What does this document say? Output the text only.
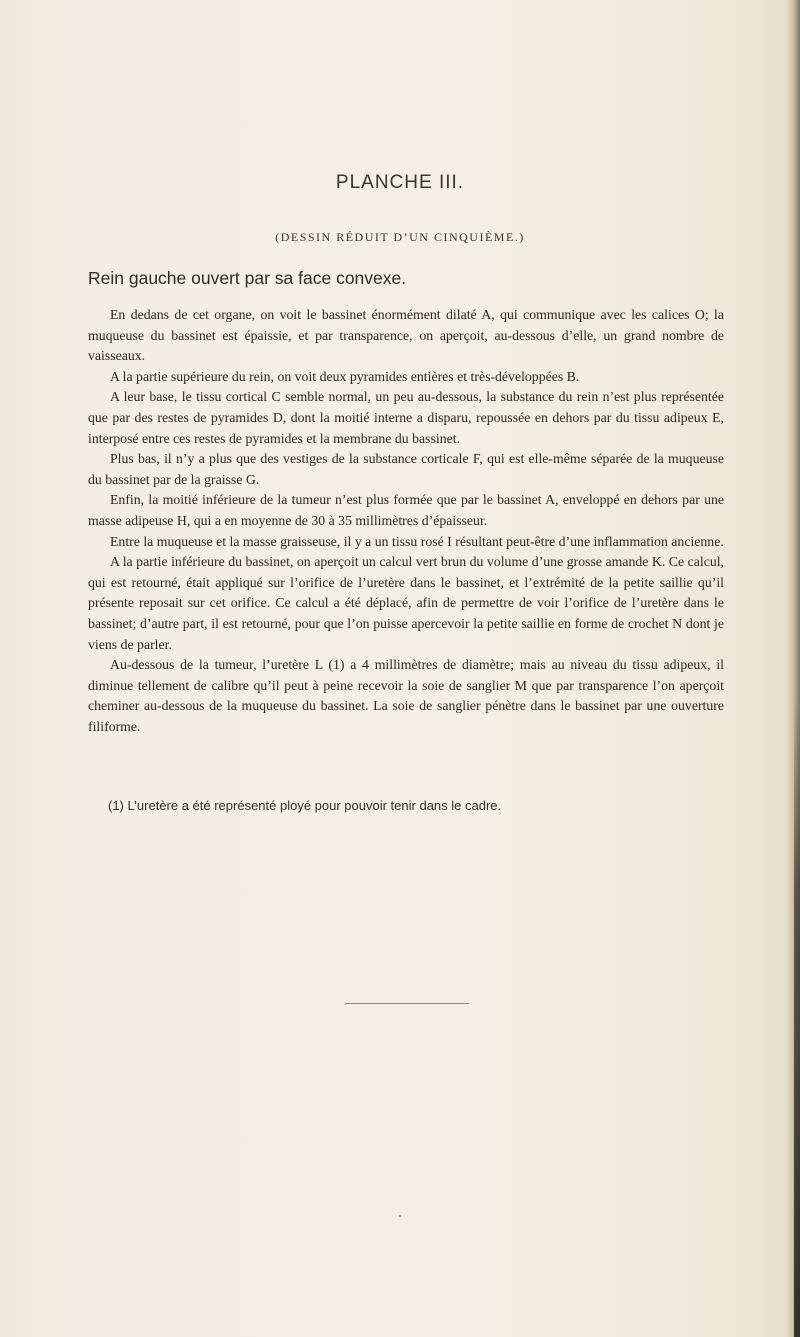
PLANCHE III.
(DESSIN RÉDUIT D’UN CINQUIÈME.)
Rein gauche ouvert par sa face convexe.

En dedans de cet organe, on voit le bassinet énormément dilaté A, qui communique avec les calices O; la muqueuse du bassinet est épaissie, et par transparence, on aperçoit, au-dessous d’elle, un grand nombre de vaisseaux.

A la partie supérieure du rein, on voit deux pyramides entières et très-développées B.

A leur base, le tissu cortical C semble normal, un peu au-dessous, la substance du rein n’est plus représentée que par des restes de pyramides D, dont la moitié interne a disparu, repoussée en dehors par du tissu adipeux E, interposé entre ces restes de pyramides et la membrane du bassinet.

Plus bas, il n’y a plus que des vestiges de la substance corticale F, qui est elle-même séparée de la muqueuse du bassinet par de la graisse G.

Enfin, la moitié inférieure de la tumeur n’est plus formée que par le bassinet A, enveloppé en dehors par une masse adipeuse H, qui a en moyenne de 30 à 35 millimètres d’épaisseur.

Entre la muqueuse et la masse graisseuse, il y a un tissu rosé I résultant peut-être d’une inflammation ancienne.

A la partie inférieure du bassinet, on aperçoit un calcul vert brun du volume d’une grosse amande K. Ce calcul, qui est retourné, était appliqué sur l’orifice de l’uretère dans le bassinet, et l’extrémité de la petite saillie qu’il présente reposait sur cet orifice. Ce calcul a été déplacé, afin de permettre de voir l’orifice de l’uretère dans le bassinet; d’autre part, il est retourné, pour que l’on puisse apercevoir la petite saillie en forme de crochet N dont je viens de parler.

Au-dessous de la tumeur, l’uretère L (1) a 4 millimètres de diamètre; mais au niveau du tissu adipeux, il diminue tellement de calibre qu’il peut à peine recevoir la soie de sanglier M que par transparence l’on aperçoit cheminer au-dessous de la muqueuse du bassinet. La soie de sanglier pénètre dans le bassinet par une ouverture filiforme.

(1) L’uretère a été représenté ployé pour pouvoir tenir dans le cadre.
